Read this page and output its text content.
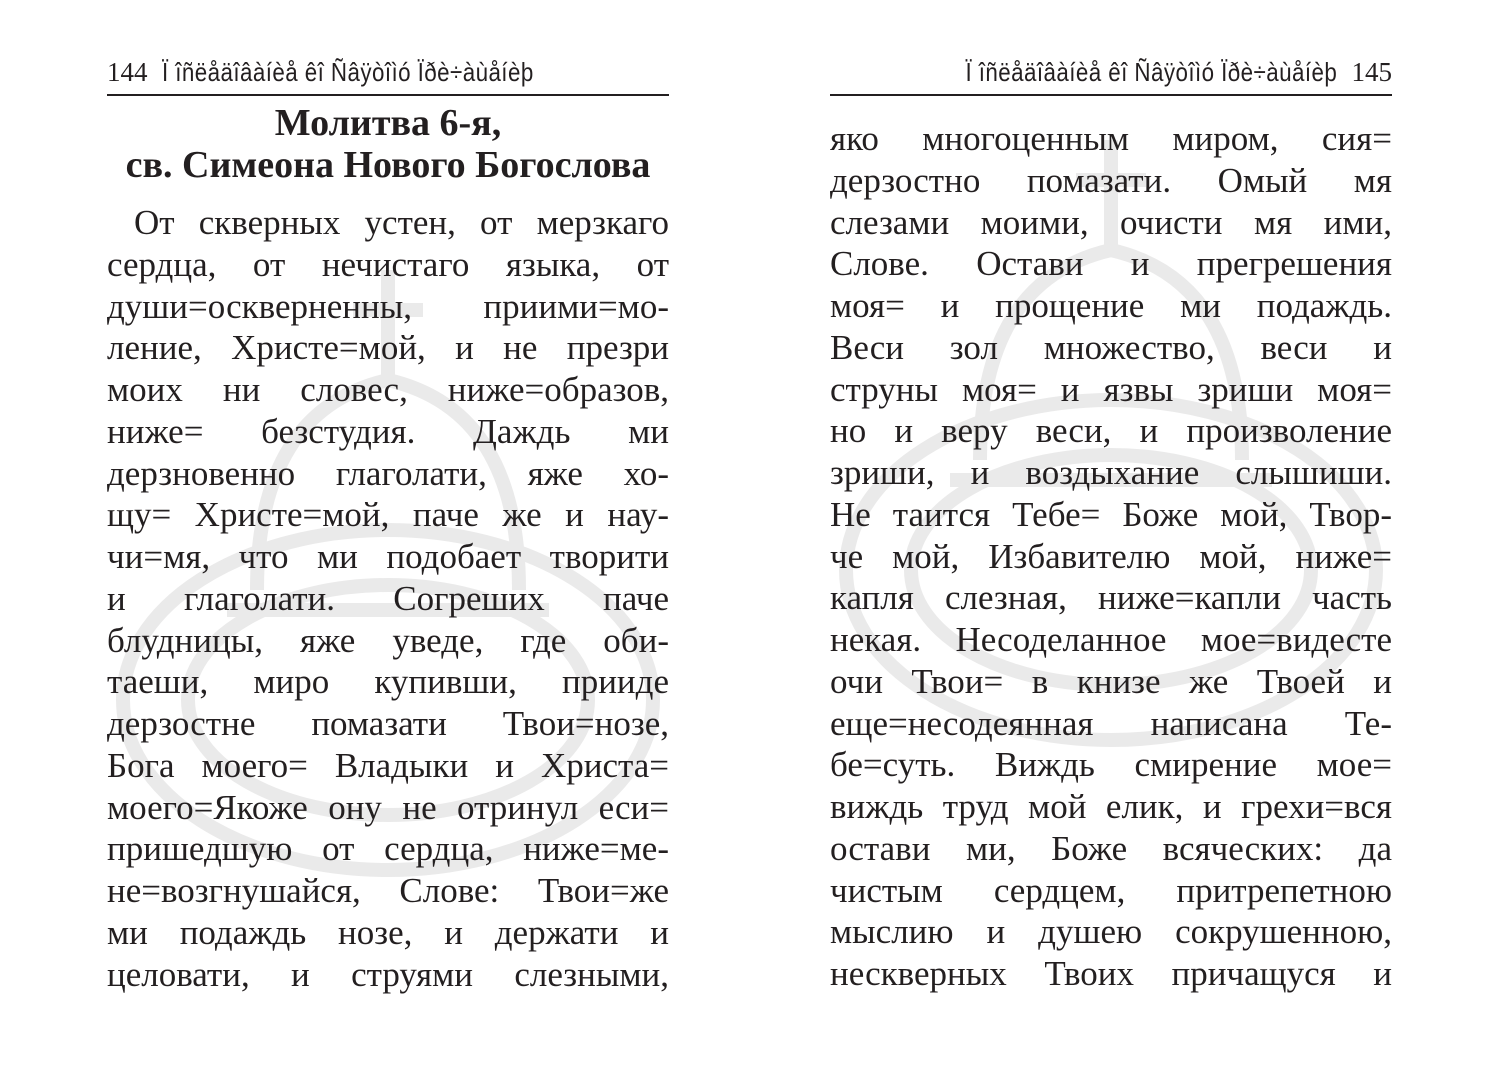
144 Ï îñëåäîâàíèå êî Ñâÿòîìó Ïðè÷àùåíèþ
Молитва 6-я,
св. Симеона Нового Богослова
От скверных устен, от мерзкаго
сердца, от нечистаго языка, от
души=оскверненны, приими=мо-
ление, Христе=мой, и не презри
моих ни словес, ниже=образов,
ниже= безстудия. Даждь ми
дерзновенно глаголати, яже хо-
щу= Христе=мой, паче же и нау-
чи=мя, что ми подобает творити
и глаголати. Согреших паче
блудницы, яже уведе, где оби-
таеши, миро купивши, прииде
дерзостне помазати Твои=нозе,
Бога моего= Владыки и Христа=
моего=Якоже ону не отринул еси=
пришедшую от сердца, ниже=ме-
не=возгнушайся, Слове: Твои=же
ми подаждь нозе, и держати и
целовати, и струями слезными,
Ï îñëåäîâàíèå êî Ñâÿòîìó Ïðè÷àùåíèþ 145
яко многоценным миром, сия=
дерзостно помазати. Омый мя
слезами моими, очисти мя ими,
Слове. Остави и прегрешения
моя= и прощение ми подаждь.
Веси зол множество, веси и
струны моя= и язвы зриши моя=
но и веру веси, и произволение
зриши, и воздыхание слышиши.
Не таится Тебе= Боже мой, Твор-
че мой, Избавителю мой, ниже=
капля слезная, ниже=капли часть
некая. Несоделанное мое=видесте
очи Твои= в книзе же Твоей и
еще=несодеянная написана Те-
бе=суть. Виждь смирение мое=
виждь труд мой елик, и грехи=вся
остави ми, Боже всяческих: да
чистым сердцем, притрепетною
мыслию и душею сокрушенною,
нескверных Твоих причащуся и
